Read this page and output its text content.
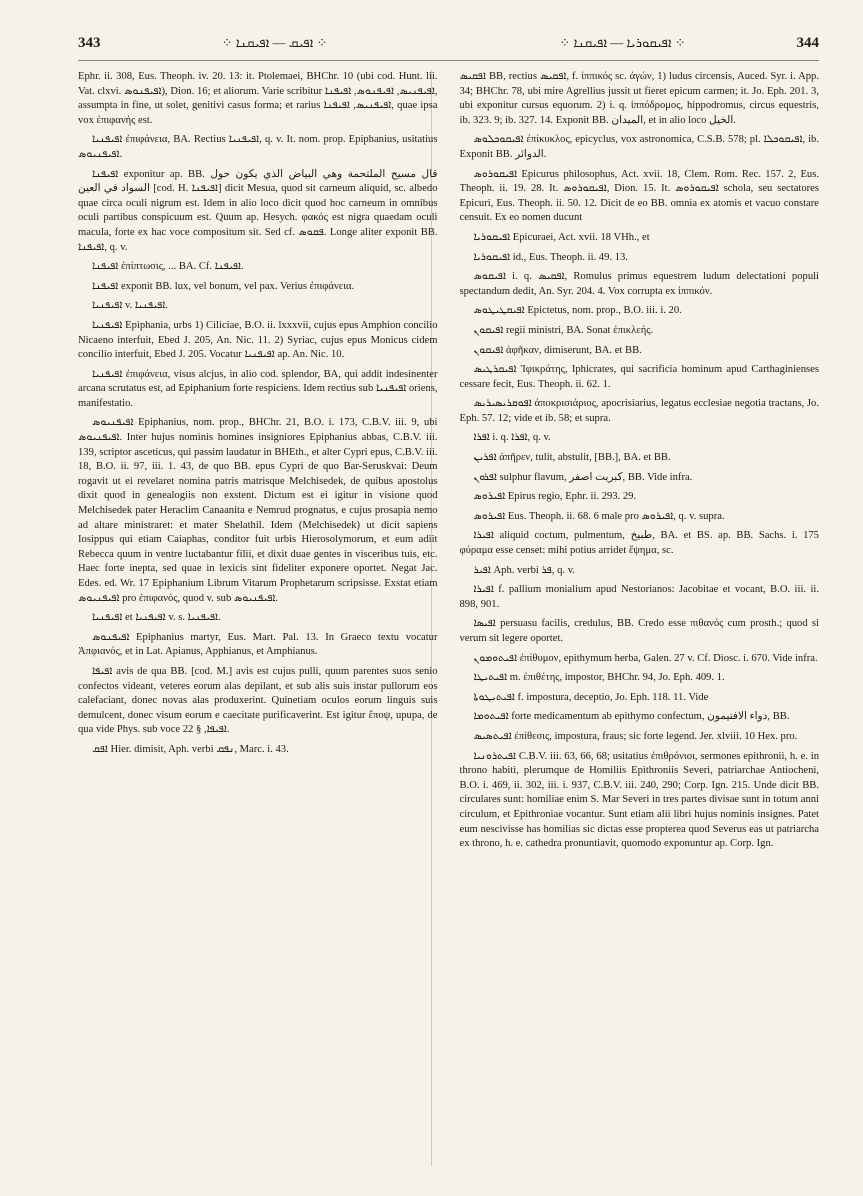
343	⁘ ܐܦܝܩ — ܐܦܝܩܢܐ ⁘	⁘ ܐܦܝܩܘܪܝܐ — ܐܦܝܩܢܐ ⁘	344

Ephr. ii. 308, Eus. Theoph. iv. 20. 13: it. Ptolemaei, BHChr. 10 (ubi cod. Hunt. lii. Vat. clxvi. ܐܦܝܦܢܘܣ), Dion. 16; et aliorum. Varie scribitur ܐܦܝܦܢܝܣ, ܐܦܝܦܢܘܣ, ܐܦܝܦܢܐ, assumpta in fine, ut solet, genitivi casus forma; et rarius ܐܦܝܦܢܝܣ, ܐܦܝܦܢܐ, quae ipsa vox ἐπιφανής est.

ܐܦܝܦܢܝܐ ἐπιφάνεια, BA. Rectius ܐܦܝܦܢܝܐ, q. v. It. nom. prop. Epiphanius, usitatius ܐܦܝܦܢܝܘܣ.

ܐܦܝܦܢܐ exponitur ap. BB. قال مسيح الملتحمة وهي البياض الذي يكون حول السواد في العين [cod. H. ܐܦܝܦܢܐ] dicit Mesua, quod sit carneum aliquid, sc. albedo quae circa oculi nigrum est. Idem in alio loco dicit quod hoc carneum in omnibus oculi partibus conspicuum est. Quum ap. Hesych. φακός est nigra quaedam oculi macula, forte ex hac voce compositum sit. Sed cf. ܦܩܘܣ. Longe aliter exponit BB. ܐܦܝܦܢܐ, q. v.

ܐܦܝܦܢܐ ἐπίπτωσις, ... BA. Cf. ܐܦܝܦܢܐ.

ܐܦܝܦܢܐ exponit BB. lux, vel bonum, vel pax. Verius ἐπιφάνεια.

ܐܦܝܦܢܝܐ v. ܐܦܝܦܢܝܐ.

ܐܦܝܦܢܝܐ Epiphania, urbs 1) Ciliciae, B.O. ii. lxxxvii, cujus epus Amphion concilio Nicaeno interfuit, Ebed J. 205, An. Nic. 11. 2) Syriac, cujus epus Monicus cidem concilio interfuit, Ebed J. 205. Vocatur ܐܦܝܦܢܝܐ ap. An. Nic. 10.

ܐܦܝܦܢܝܐ ἐπιφάνεια, visus alcjus, in alio cod. splendor, BA, qui addit indesinenter arcana scrutatus est, ad Epiphanium forte respiciens. Idem rectius sub ܐܦܝܦܢܝܐ oriens, manifestatio.

ܐܦܝܦܢܝܘܣ Epiphanius, nom. prop., BHChr. 21, B.O. i. 173, C.B.V. iii. 9, ubi ܐܦܝܦܢܝܘܣ. Inter hujus nominis homines insigniores Epiphanius abbas, C.B.V. iii. 139, scriptor asceticus, qui passim laudatur in BHEth., et alter Cypri epus, C.B.V. iii. 18, B.O. ii. 97, iii. 1. 43, de quo BB. epus Cypri de quo Bar-Seruskvai: Deum rogavit ut ei revelaret nomina patris matrisque Melchisedek, de quibus apostolus dixit quod in genealogiis non exstent. Dictum est ei igitur in visione quod Melchisedek pater Heraclim Canaanita e Nemrud prognatus, e cujus prosapia nemo ad altare ministraret: et mater Shelathil. Idem (Melchisedek) ut dicit sapiens Iosippus qui etiam Caiaphas, conditor fuit urbis Hierosolymorum, et eum adiit Rebecca quum in ventre luctabantur filii, et dixit duae gentes in visceribus tuis, etc. Haec forte inepta, sed quae in lexicis sint fideliter exponere oportet. Negat Jac. Edes. ed. Wr. 17 Epiphanium Librum Vitarum Prophetarum scripsisse. Exstat etiam ܐܦܝܦܢܝܘܣ pro ἐπιφανός, quod v. sub ܐܦܝܦܢܝܘܣ.

ܐܦܝܦܢܝܐ et ܐܦܝܦܢܝܐ v. s. ܐܦܝܦܢܝܐ.

ܐܦܝܦܢܘܣ Epiphanius martyr, Eus. Mart. Pal. 13. In Graeco textu vocatur Ἀπφιανός, et in Lat. Apianus, Apphianus, et Amphianus.

ܐܦܝܦܐ avis de qua BB. [cod. M.] avis est cujus pulli, quum parentes suos senio confectos videant, veteres eorum alas depilant, et sub alis suis instar pullorum eos calefaciant, donec novas alas produxerint. Quinetiam oculos eorum linguis suis demulcent, donec visum eorum e caecitate purificaverint. Est igitur ἔποψ, upupa, de qua vide Phys. sub voce ܐܦܝܦܐ, § 22.

ܐܦܩ Hier. dimisit, Aph. verbi ܢܦܩ, Marc. i. 43.

ܐܦܩܝܣ BB, rectius ܐܦܩܝܣ, f. ἱππικός sc. ἀγών, 1) ludus circensis, Auced. Syr. i. App. 34; BHChr. 78, ubi mire Agrellius jussit ut fieret epicum carmen; it. Jo. Eph. 201. 3, ubi exponitur cursus equorum. 2) i. q. ἱππόδρομος, hippodromus, circus equestris, ib. 323. 9; ib. 327. 14. Exponit BB. الميدان, et in alio loco الخيل.

ܐܦܝܩܘܟܠܘܣ ἐπίκυκλος, epicyclus, vox astronomica, C.S.B. 578; pl. ܐܦܝܩܘܟܠܐ, ib. Exponit BB. الدوائر.

ܐܦܝܩܘܪܘܣ Epicurus philosophus, Act. xvii. 18, Clem. Rom. Rec. 157. 2, Eus. Theoph. ii. 19. 28. It. ܐܦܝܩܘܪܘܣ, Dion. 15. It. ܐܦܝܩܘܪܘܣ schola, seu sectatores Epicuri, Eus. Theoph. ii. 50. 12. Dicit de eo BB. omnia ex atomis et vacuo constare censuit. Ex eo nomen ducunt

ܐܦܝܩܘܪܝܐ Epicuraei, Act. xvii. 18 VHh., et

ܐܦܝܩܘܪܝܐ id., Eus. Theoph. ii. 49. 13.

ܐܦܝܩܘܣ i. q. ܐܦܩܝܣ, Romulus primus equestrem ludum delectationi populi spectandum dedit, An. Syr. 204. 4. Vox corrupta ex ἱππικόν.

ܐܦܝܩܛܝܛܘܣ Epictetus, nom. prop., B.O. iii. i. 20.

ܐܦܝܩܘܢ regii ministri, BA. Sonat ἐπικλεής.

ܐܦܝܩܘܢ ἀφῆκαν, dimiserunt, BA. et BB.

ܐܦܝܩܪܛܝܣ Ἰφικράτης, Iphicrates, qui sacrificia hominum apud Carthaginienses cessare fecit, Eus. Theoph. ii. 62. 1.

ܐܦܘܩܪܝܣܝܪܝܣ ἀποκρισιάριος, apocrisiarius, legatus ecclesiae negotia tractans, Jo. Eph. 57. 12; vide et ib. 58; et supra.

ܐܦܪܐ i. q. ܐܦܪܐ, q. v.

ܐܦܪܝܢ ἀπῆρεν, tulit, abstulit, [BB.], BA. et BB.

ܐܦܪܘܢ sulphur flavum, كبريت اصفر, BB. Vide infra.

ܐܦܝܪܘܣ Epirus regio, Ephr. ii. 293. 29.

ܐܦܝܪܘܣ Eus. Theoph. ii. 68. 6 male pro ܐܦܝܪܘܣ, q. v. supra.

ܐܦܝܪܐ aliquid coctum, pulmentum, طبيخ, BA. et BS. ap. BB. Sachs. i. 175 φύραμα esse censet: mihi potius arridet ἕψημα, sc.

ܐܦܝܪ Aph. verbi ܦܪ, q. v.

ܐܦܝܪܐ f. pallium monialium apud Nestorianos: Jacobitae et vocant, B.O. iii. ii. 898, 901.

ܐܦܝܣܐ persuasu facilis, credulus, BB. Credo esse πιθανός cum prosth.; quod si verum sit legere oportet.

ܐܦܝܬܘܡܘܢ ἐπίθυμον, epithymum herba, Galen. 27 v. Cf. Diosc. i. 670. Vide infra.

ܐܦܝܬܝܛܐ m. ἐπιθέτης, impostor, BHChr. 94, Jo. Eph. 409. 1.

ܐܦܝܬܝܛܘܬܐ f. impostura, deceptio, Jo. Eph. 118. 11. Vide

ܐܦܝܬܘܡܐ forte medicamentum ab epithymo confectum, دواء الافتيمون, BB.

ܐܦܝܬܣܝܣ ἐπίθεσις, impostura, fraus; sic forte legend. Jer. xlviii. 10 Hex. pro.

ܐܦܝܬܪܘܢܝܐ C.B.V. iii. 63, 66, 68; usitatius ἐπιθρόνιοι, sermones epithronii, h. e. in throno habiti, plerumque de Homiliis Epithroniis Severi, patriarchae Antiocheni, B.O. i. 469, ii. 302, iii. i. 937, C.B.V. iii. 240, 290; Corp. Ign. 215. Unde dicit BB. circulares sunt: homiliae enim S. Mar Severi in tres partes divisae sunt in totum anni circulum, et Epithroniae vocantur. Sunt etiam alii libri hujus nominis insignes. Patet eum nescivisse has homilias sic dictas esse propterea quod Severus eas ut patriarcha ex throno, h. e. cathedra pronuntiavit, quomodo exponuntur ap. Corp. Ign.
